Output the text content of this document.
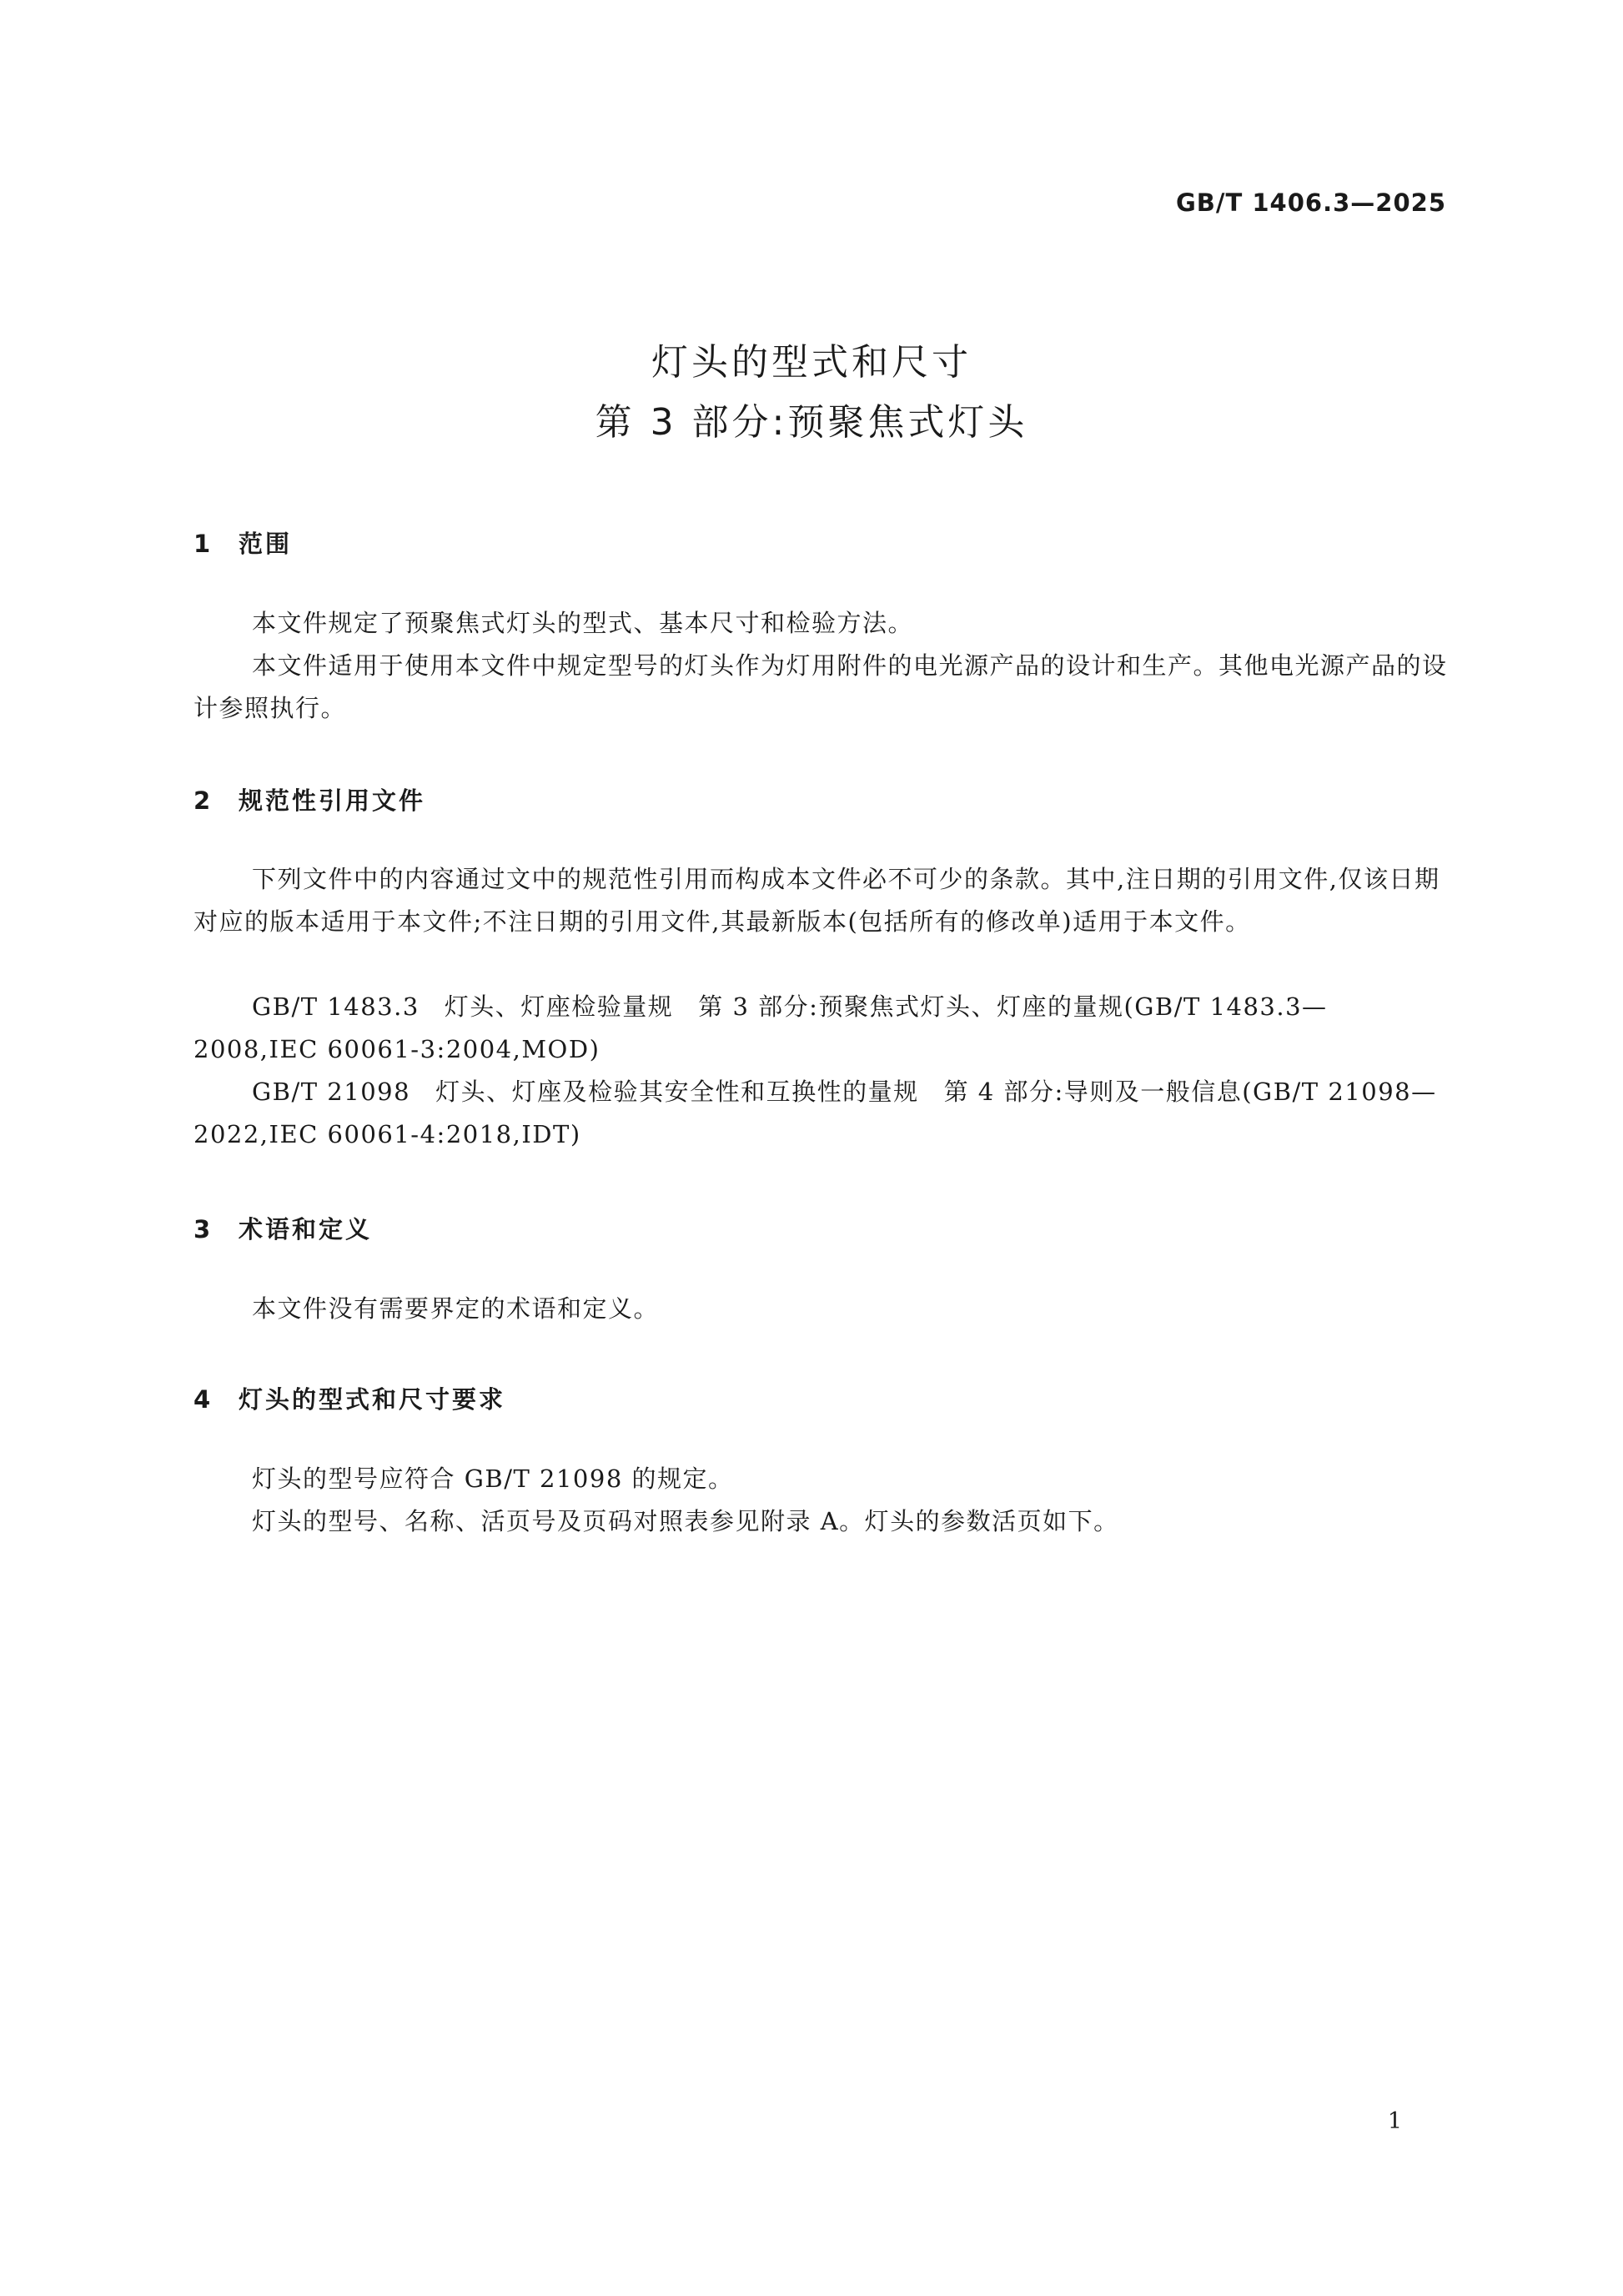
GB/T 1406.3—2025
灯头的型式和尺寸
第 3 部分:预聚焦式灯头
1 范围
本文件规定了预聚焦式灯头的型式、基本尺寸和检验方法。
本文件适用于使用本文件中规定型号的灯头作为灯用附件的电光源产品的设计和生产。其他电光源产品的设计参照执行。
2 规范性引用文件
下列文件中的内容通过文中的规范性引用而构成本文件必不可少的条款。其中,注日期的引用文件,仅该日期对应的版本适用于本文件;不注日期的引用文件,其最新版本(包括所有的修改单)适用于本文件。
GB/T 1483.3 灯头、灯座检验量规 第 3 部分:预聚焦式灯头、灯座的量规(GB/T 1483.3—2008,IEC 60061-3:2004,MOD)
GB/T 21098 灯头、灯座及检验其安全性和互换性的量规 第 4 部分:导则及一般信息(GB/T 21098—2022,IEC 60061-4:2018,IDT)
3 术语和定义
本文件没有需要界定的术语和定义。
4 灯头的型式和尺寸要求
灯头的型号应符合 GB/T 21098 的规定。
灯头的型号、名称、活页号及页码对照表参见附录 A。灯头的参数活页如下。
1
